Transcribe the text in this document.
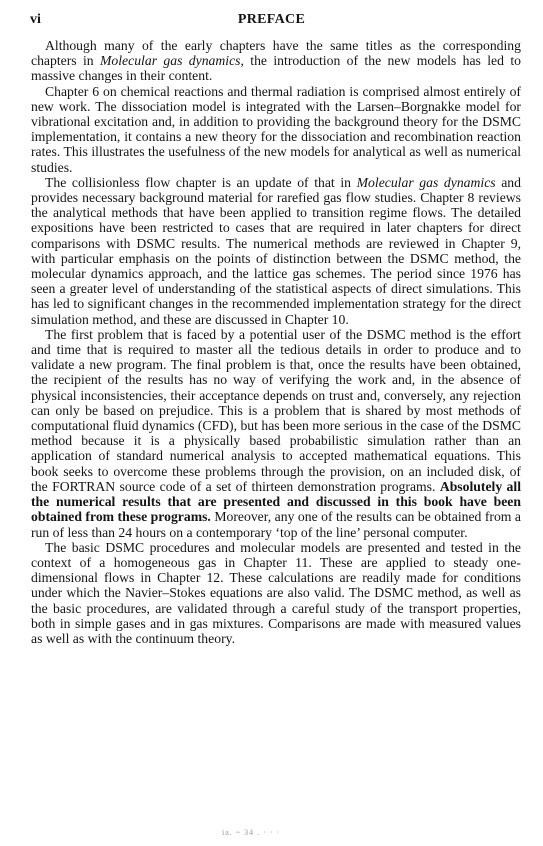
vi	PREFACE

Although many of the early chapters have the same titles as the corresponding chapters in Molecular gas dynamics, the introduction of the new models has led to massive changes in their content.

Chapter 6 on chemical reactions and thermal radiation is comprised almost entirely of new work. The dissociation model is integrated with the Larsen–Borgnakke model for vibrational excitation and, in addition to providing the background theory for the DSMC implementation, it contains a new theory for the dissociation and recombination reaction rates. This illustrates the usefulness of the new models for analytical as well as numerical studies.

The collisionless flow chapter is an update of that in Molecular gas dynamics and provides necessary background material for rarefied gas flow studies. Chapter 8 reviews the analytical methods that have been applied to transition regime flows. The detailed expositions have been restricted to cases that are required in later chapters for direct comparisons with DSMC results. The numerical methods are reviewed in Chapter 9, with particular emphasis on the points of distinction between the DSMC method, the molecular dynamics approach, and the lattice gas schemes. The period since 1976 has seen a greater level of understanding of the statistical aspects of direct simulations. This has led to significant changes in the recommended implementation strategy for the direct simulation method, and these are discussed in Chapter 10.

The first problem that is faced by a potential user of the DSMC method is the effort and time that is required to master all the tedious details in order to produce and to validate a new program. The final problem is that, once the results have been obtained, the recipient of the results has no way of verifying the work and, in the absence of physical inconsistencies, their acceptance depends on trust and, conversely, any rejection can only be based on prejudice. This is a problem that is shared by most methods of computational fluid dynamics (CFD), but has been more serious in the case of the DSMC method because it is a physically based probabilistic simulation rather than an application of standard numerical analysis to accepted mathematical equations. This book seeks to overcome these problems through the provision, on an included disk, of the FORTRAN source code of a set of thirteen demonstration programs. Absolutely all the numerical results that are presented and discussed in this book have been obtained from these programs. Moreover, any one of the results can be obtained from a run of less than 24 hours on a contemporary ‘top of the line’ personal computer.

The basic DSMC procedures and molecular models are presented and tested in the context of a homogeneous gas in Chapter 11. These are applied to steady one-dimensional flows in Chapter 12. These calculations are readily made for conditions under which the Navier–Stokes equations are also valid. The DSMC method, as well as the basic procedures, are validated through a careful study of the transport properties, both in simple gases and in gas mixtures. Comparisons are made with measured values as well as with the continuum theory.

ia. ~ 34 . · · ·
